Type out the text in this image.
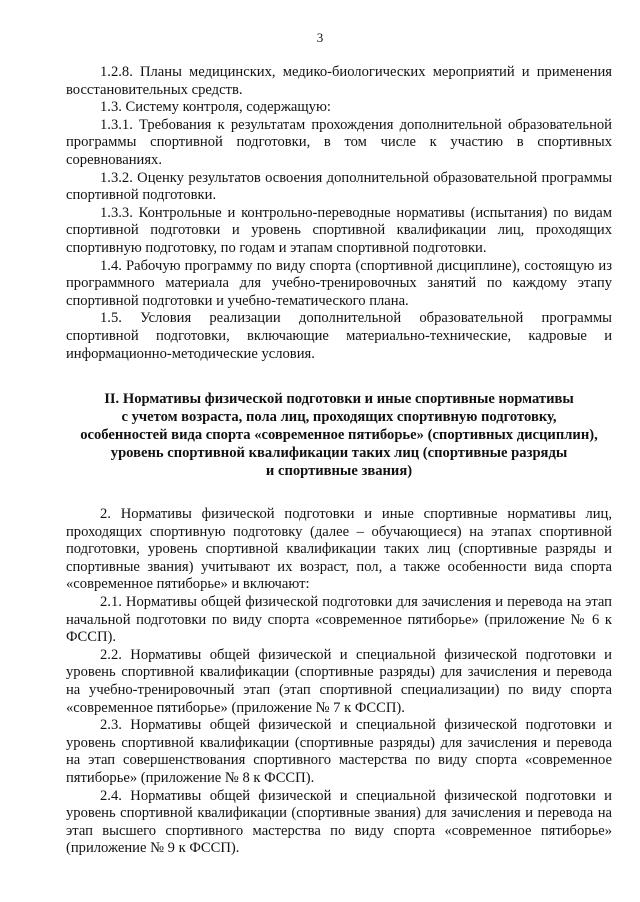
3

1.2.8. Планы медицинских, медико-биологических мероприятий и применения восстановительных средств.

1.3. Систему контроля, содержащую:

1.3.1. Требования к результатам прохождения дополнительной образовательной программы спортивной подготовки, в том числе к участию в спортивных соревнованиях.

1.3.2. Оценку результатов освоения дополнительной образовательной программы спортивной подготовки.

1.3.3. Контрольные и контрольно-переводные нормативы (испытания) по видам спортивной подготовки и уровень спортивной квалификации лиц, проходящих спортивную подготовку, по годам и этапам спортивной подготовки.

1.4. Рабочую программу по виду спорта (спортивной дисциплине), состоящую из программного материала для учебно-тренировочных занятий по каждому этапу спортивной подготовки и учебно-тематического плана.

1.5. Условия реализации дополнительной образовательной программы спортивной подготовки, включающие материально-технические, кадровые и информационно-методические условия.

II. Нормативы физической подготовки и иные спортивные нормативы
с учетом возраста, пола лиц, проходящих спортивную подготовку,
особенностей вида спорта «современное пятиборье» (спортивных дисциплин),
уровень спортивной квалификации таких лиц (спортивные разряды
и спортивные звания)

2. Нормативы физической подготовки и иные спортивные нормативы лиц, проходящих спортивную подготовку (далее – обучающиеся) на этапах спортивной подготовки, уровень спортивной квалификации таких лиц (спортивные разряды и спортивные звания) учитывают их возраст, пол, а также особенности вида спорта «современное пятиборье» и включают:

2.1. Нормативы общей физической подготовки для зачисления и перевода на этап начальной подготовки по виду спорта «современное пятиборье» (приложение № 6 к ФССП).

2.2. Нормативы общей физической и специальной физической подготовки и уровень спортивной квалификации (спортивные разряды) для зачисления и перевода на учебно-тренировочный этап (этап спортивной специализации) по виду спорта «современное пятиборье» (приложение № 7 к ФССП).

2.3. Нормативы общей физической и специальной физической подготовки и уровень спортивной квалификации (спортивные разряды) для зачисления и перевода на этап совершенствования спортивного мастерства по виду спорта «современное пятиборье» (приложение № 8 к ФССП).

2.4. Нормативы общей физической и специальной физической подготовки и уровень спортивной квалификации (спортивные звания) для зачисления и перевода на этап высшего спортивного мастерства по виду спорта «современное пятиборье» (приложение № 9 к ФССП).
